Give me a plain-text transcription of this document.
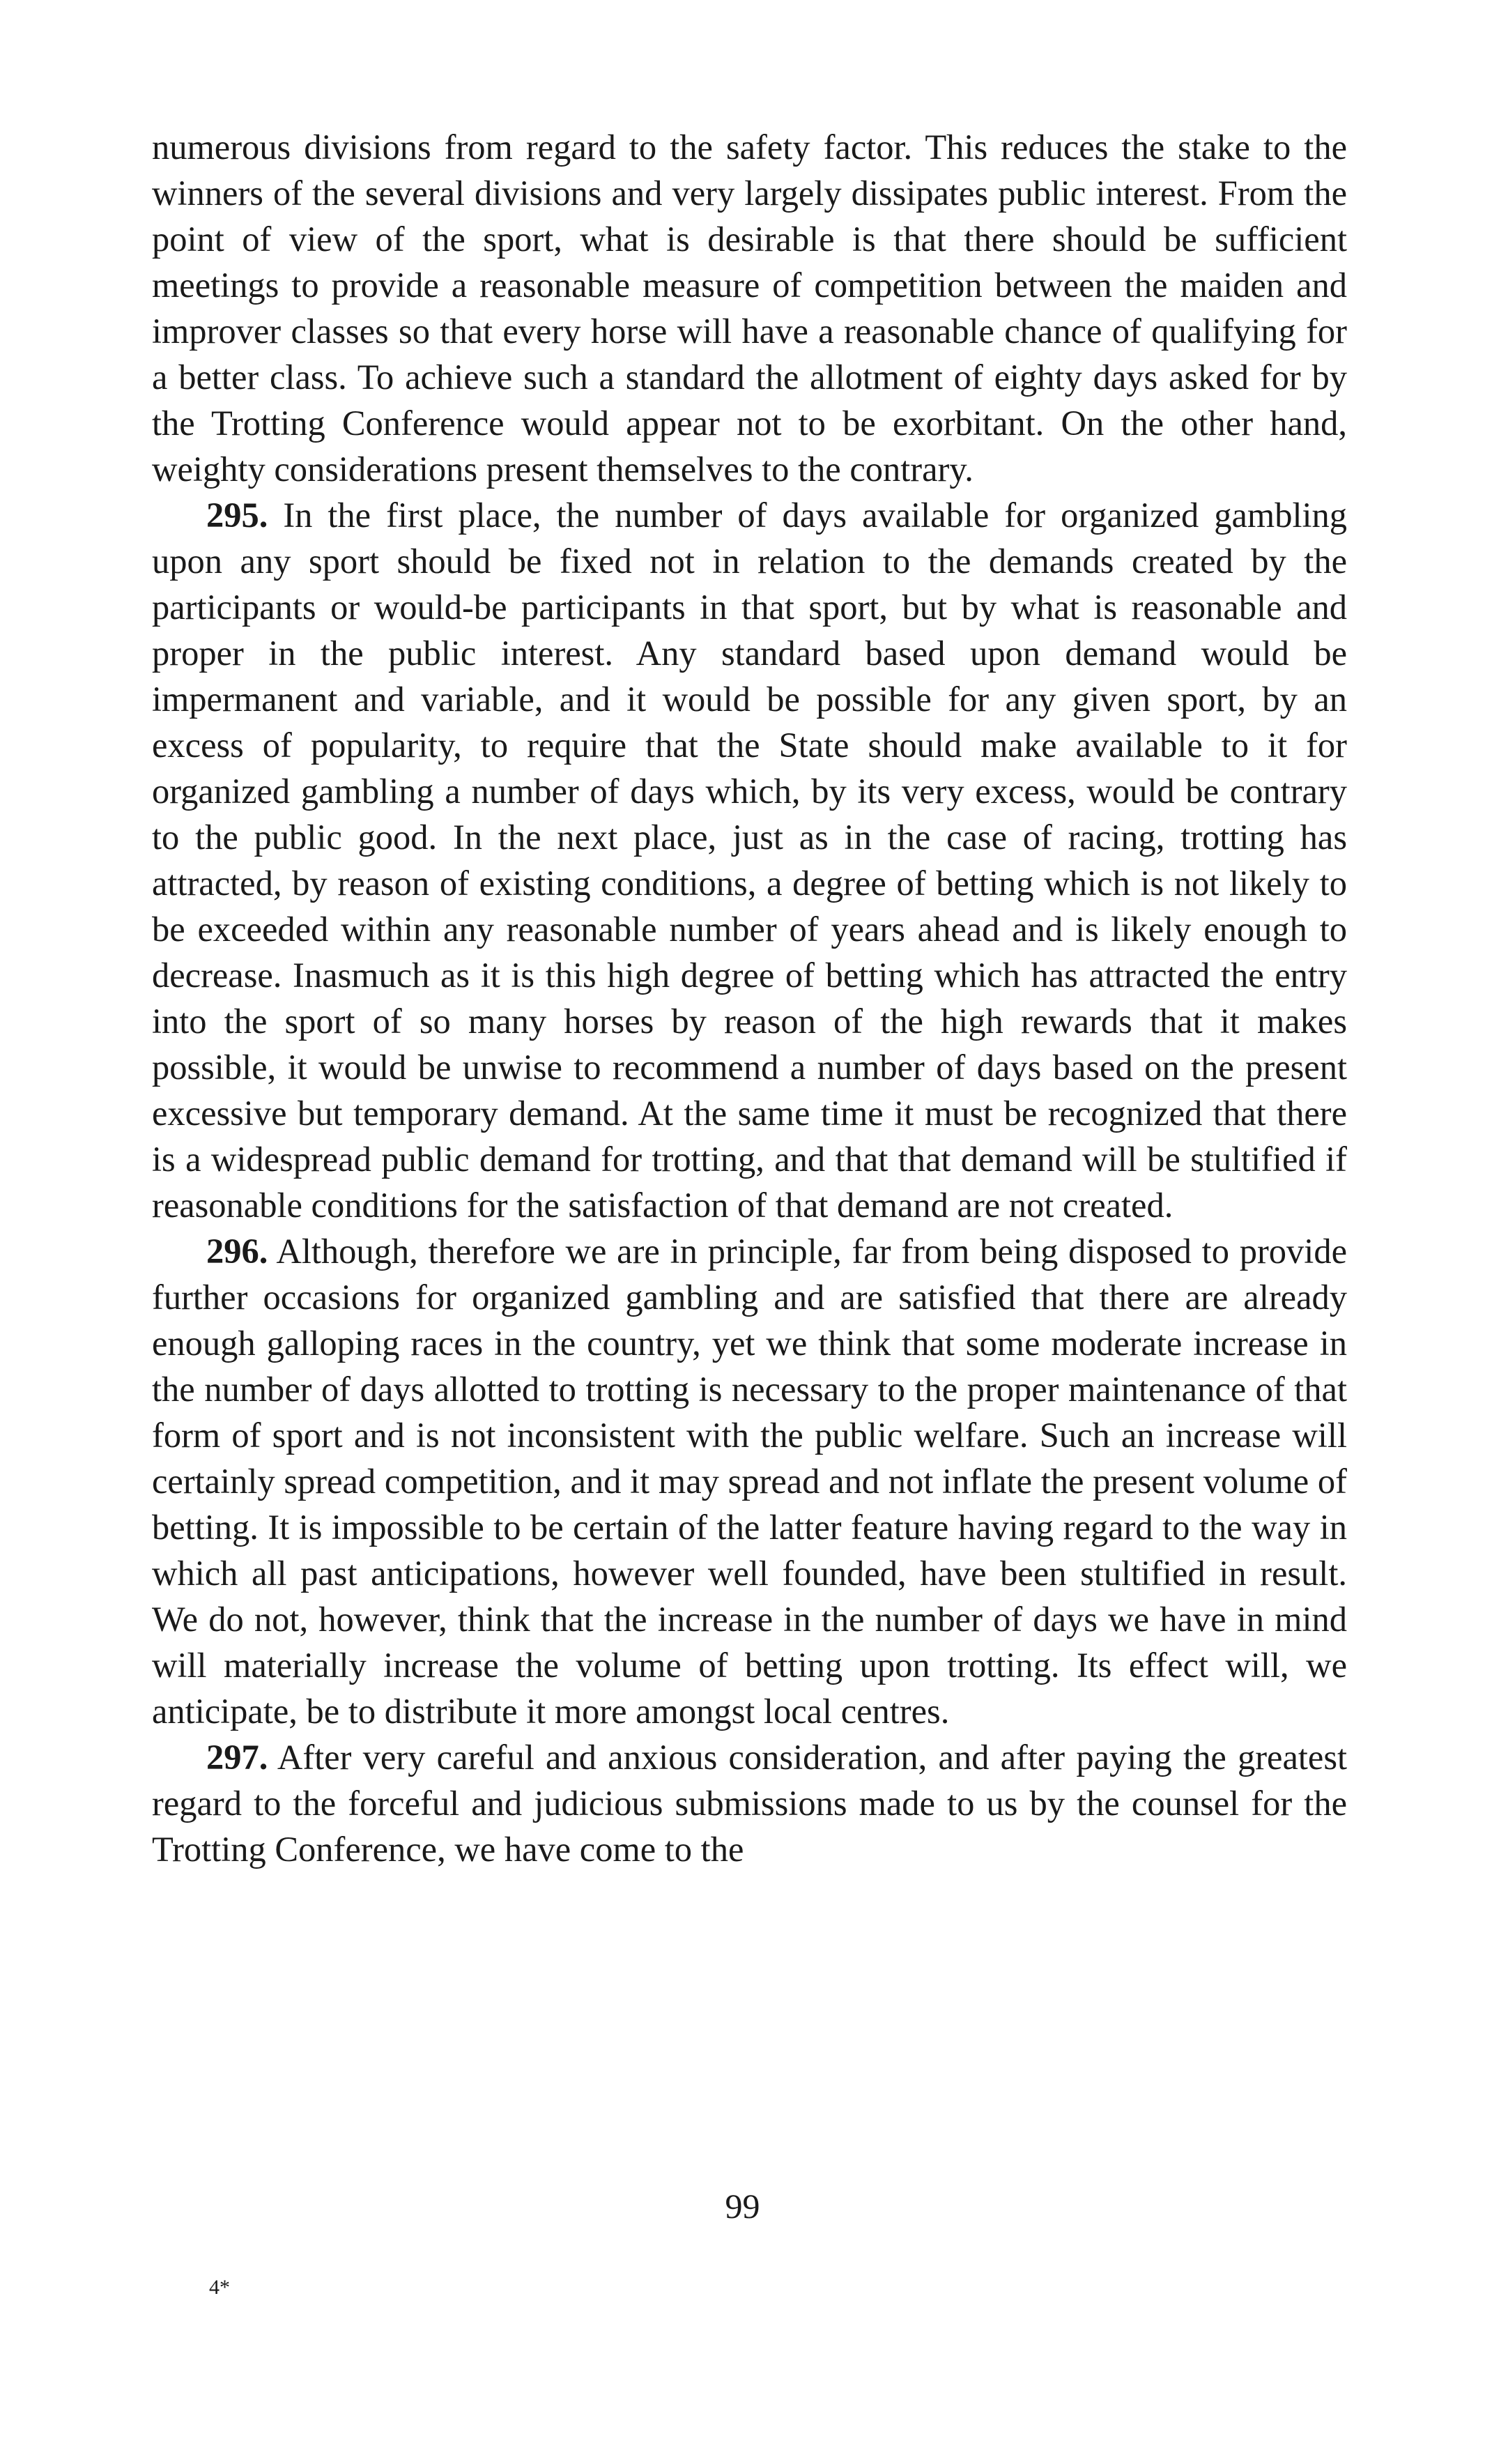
numerous divisions from regard to the safety factor. This reduces the stake to the winners of the several divisions and very largely dissipates public interest. From the point of view of the sport, what is desirable is that there should be sufficient meetings to provide a reasonable measure of competition between the maiden and improver classes so that every horse will have a reasonable chance of qualifying for a better class. To achieve such a standard the allotment of eighty days asked for by the Trotting Conference would appear not to be exorbitant. On the other hand, weighty considerations present themselves to the contrary.

295. In the first place, the number of days available for organized gambling upon any sport should be fixed not in relation to the demands created by the participants or would-be participants in that sport, but by what is reasonable and proper in the public interest. Any standard based upon demand would be impermanent and variable, and it would be possible for any given sport, by an excess of popularity, to require that the State should make available to it for organized gambling a number of days which, by its very excess, would be contrary to the public good. In the next place, just as in the case of racing, trotting has attracted, by reason of existing conditions, a degree of betting which is not likely to be exceeded within any reasonable number of years ahead and is likely enough to decrease. Inasmuch as it is this high degree of betting which has attracted the entry into the sport of so many horses by reason of the high rewards that it makes possible, it would be unwise to recommend a number of days based on the present excessive but temporary demand. At the same time it must be recognized that there is a widespread public demand for trotting, and that that demand will be stultified if reasonable conditions for the satisfaction of that demand are not created.

296. Although, therefore we are in principle, far from being disposed to provide further occasions for organized gambling and are satisfied that there are already enough galloping races in the country, yet we think that some moderate increase in the number of days allotted to trotting is necessary to the proper maintenance of that form of sport and is not inconsistent with the public welfare. Such an increase will certainly spread competition, and it may spread and not inflate the present volume of betting. It is impossible to be certain of the latter feature having regard to the way in which all past anticipations, however well founded, have been stultified in result. We do not, however, think that the increase in the number of days we have in mind will materially increase the volume of betting upon trotting. Its effect will, we anticipate, be to distribute it more amongst local centres.

297. After very careful and anxious consideration, and after paying the greatest regard to the forceful and judicious submissions made to us by the counsel for the Trotting Conference, we have come to the

99
4*
